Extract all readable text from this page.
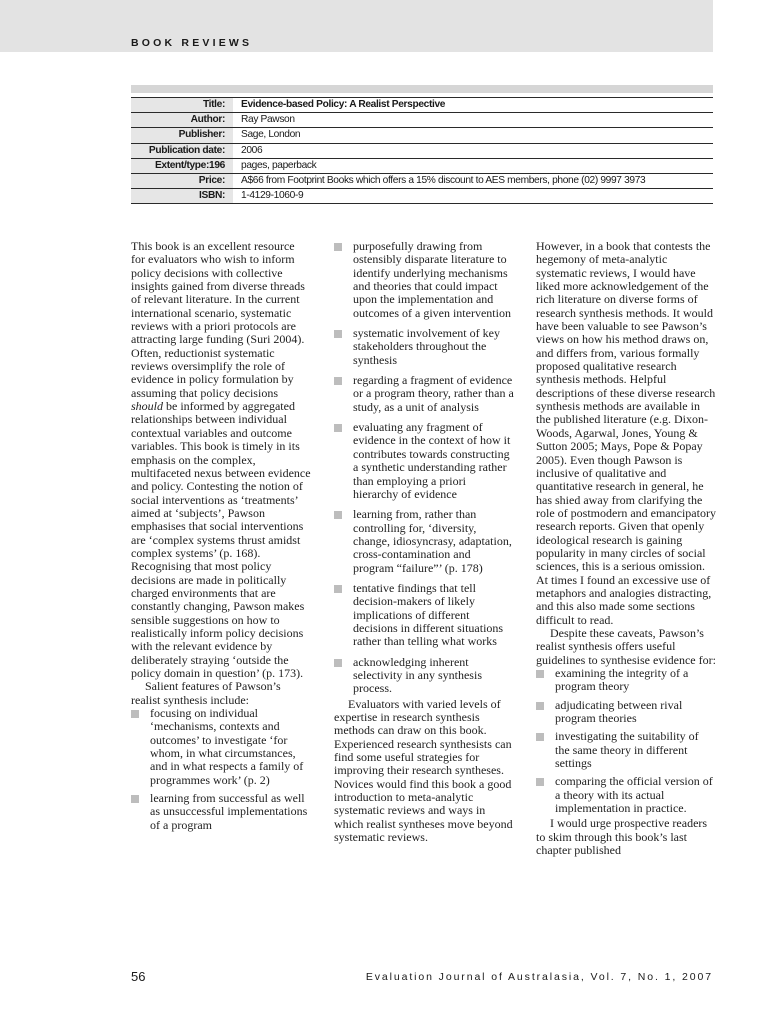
BOOK REVIEWS
Title:	Evidence-based Policy: A Realist Perspective
Author:	Ray Pawson
Publisher:	Sage, London
Publication date:	2006
Extent/type:196	pages, paperback
Price:	A$66 from Footprint Books which offers a 15% discount to AES members, phone (02) 9997 3973
ISBN:	1-4129-1060-9

This book is an excellent resource for evaluators who wish to inform policy decisions with collective insights gained from diverse threads of relevant literature. In the current international scenario, systematic reviews with a priori protocols are attracting large funding (Suri 2004). Often, reductionist systematic reviews oversimplify the role of evidence in policy formulation by assuming that policy decisions should be informed by aggregated relationships between individual contextual variables and outcome variables. This book is timely in its emphasis on the complex, multifaceted nexus between evidence and policy. Contesting the notion of social interventions as ‘treatments’ aimed at ‘subjects’, Pawson emphasises that social interventions are ‘complex systems thrust amidst complex systems’ (p. 168). Recognising that most policy decisions are made in politically charged environments that are constantly changing, Pawson makes sensible suggestions on how to realistically inform policy decisions with the relevant evidence by deliberately straying ‘outside the policy domain in question’ (p. 173).

Salient features of Pawson’s realist synthesis include:

focusing on individual ‘mechanisms, contexts and outcomes’ to investigate ‘for whom, in what circumstances, and in what respects a family of programmes work’ (p. 2)
learning from successful as well as unsuccessful implementations of a program
purposefully drawing from ostensibly disparate literature to identify underlying mechanisms and theories that could impact upon the implementation and outcomes of a given intervention
systematic involvement of key stakeholders throughout the synthesis
regarding a fragment of evidence or a program theory, rather than a study, as a unit of analysis
evaluating any fragment of evidence in the context of how it contributes towards constructing a synthetic understanding rather than employing a priori hierarchy of evidence
learning from, rather than controlling for, ‘diversity, change, idiosyncrasy, adaptation, cross-contamination and program “failure”’ (p. 178)
tentative findings that tell decision-makers of likely implications of different decisions in different situations rather than telling what works
acknowledging inherent selectivity in any synthesis process.

Evaluators with varied levels of expertise in research synthesis methods can draw on this book. Experienced research synthesists can find some useful strategies for improving their research syntheses. Novices would find this book a good introduction to meta-analytic systematic reviews and ways in which realist syntheses move beyond systematic reviews.

However, in a book that contests the hegemony of meta-analytic systematic reviews, I would have liked more acknowledgement of the rich literature on diverse forms of research synthesis methods. It would have been valuable to see Pawson’s views on how his method draws on, and differs from, various formally proposed qualitative research synthesis methods. Helpful descriptions of these diverse research synthesis methods are available in the published literature (e.g. Dixon-Woods, Agarwal, Jones, Young & Sutton 2005; Mays, Pope & Popay 2005). Even though Pawson is inclusive of qualitative and quantitative research in general, he has shied away from clarifying the role of postmodern and emancipatory research reports. Given that openly ideological research is gaining popularity in many circles of social sciences, this is a serious omission. At times I found an excessive use of metaphors and analogies distracting, and this also made some sections difficult to read.

Despite these caveats, Pawson’s realist synthesis offers useful guidelines to synthesise evidence for:

examining the integrity of a program theory
adjudicating between rival program theories
investigating the suitability of the same theory in different settings
comparing the official version of a theory with its actual implementation in practice.

I would urge prospective readers to skim through this book’s last chapter published

56	Evaluation Journal of Australasia, Vol. 7, No. 1, 2007
